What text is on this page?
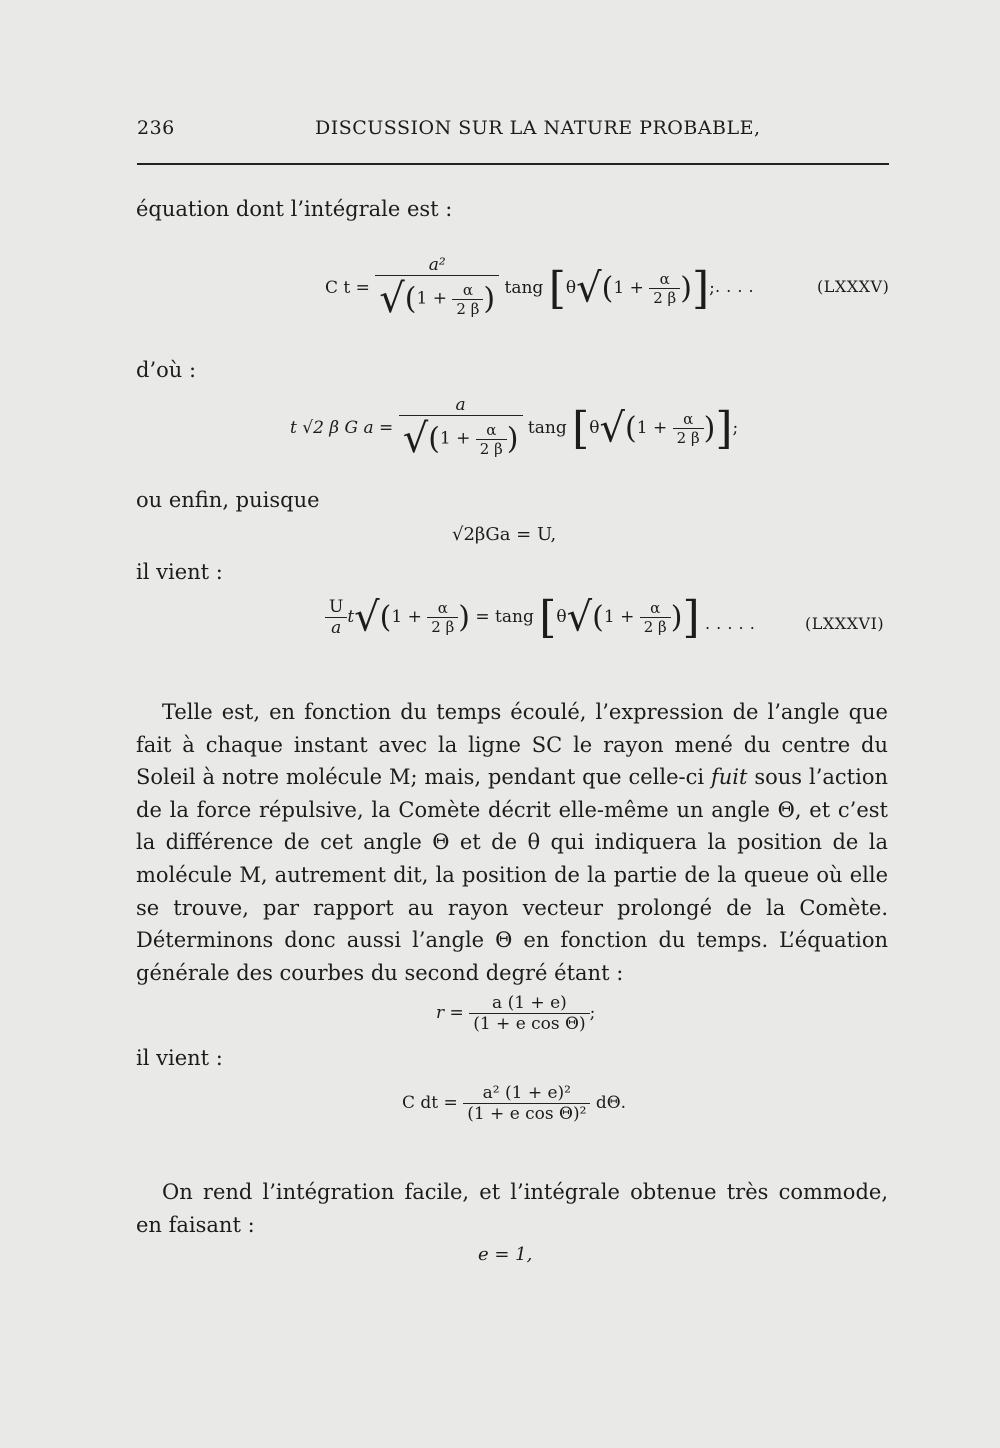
236	DISCUSSION SUR LA NATURE PROBABLE,
équation dont l’intégrale est :
C $t = \frac{\text{a²}}{√(1 + \frac{\alpha}{2 \beta} )}$ tang [$\theta√(1 + \frac{\alpha}{2 \beta}$ )]; . . . .	(LXXXV)
d’où :
t √2 β G $a = \frac{a}{√(1 + \frac{\alpha}{2 \beta} )}$ tang [$\theta√(1 + \frac{\alpha}{2 \beta}$ )];
ou enfin, puisque
√2βGa = U,
il vient :
$\frac{U}{a} t√(1 + \frac{\alpha}{2 \beta}$ ) = tang [$\theta√(1 + \frac{\alpha}{2 \beta}$ )] . . . . .	(LXXXVI)

Telle est, en fonction du temps écoulé, l’expression de l’angle que fait à chaque instant avec la ligne SC le rayon mené du centre du Soleil à notre molécule M; mais, pendant que celle-ci fuit sous l’action de la force répulsive, la Comète décrit elle-même un angle Θ, et c’est la différence de cet angle Θ et de θ qui indiquera la position de la molécule M, autrement dit, la position de la partie de la queue où elle se trouve, par rapport au rayon vecteur prolongé de la Comète. Déterminons donc aussi l’angle Θ en fonction du temps. L’équation générale des courbes du second degré étant :

$r = \frac{a (1 + e)}{\text{(1 + e cos Θ)}}$ ;
il vient :
C dt = $\frac{\text{a² (1 + e)²}}{\text{(1 + e cos Θ)²}} d\Theta$.

On rend l’intégration facile, et l’intégrale obtenue très commode, en faisant :

e = 1,
